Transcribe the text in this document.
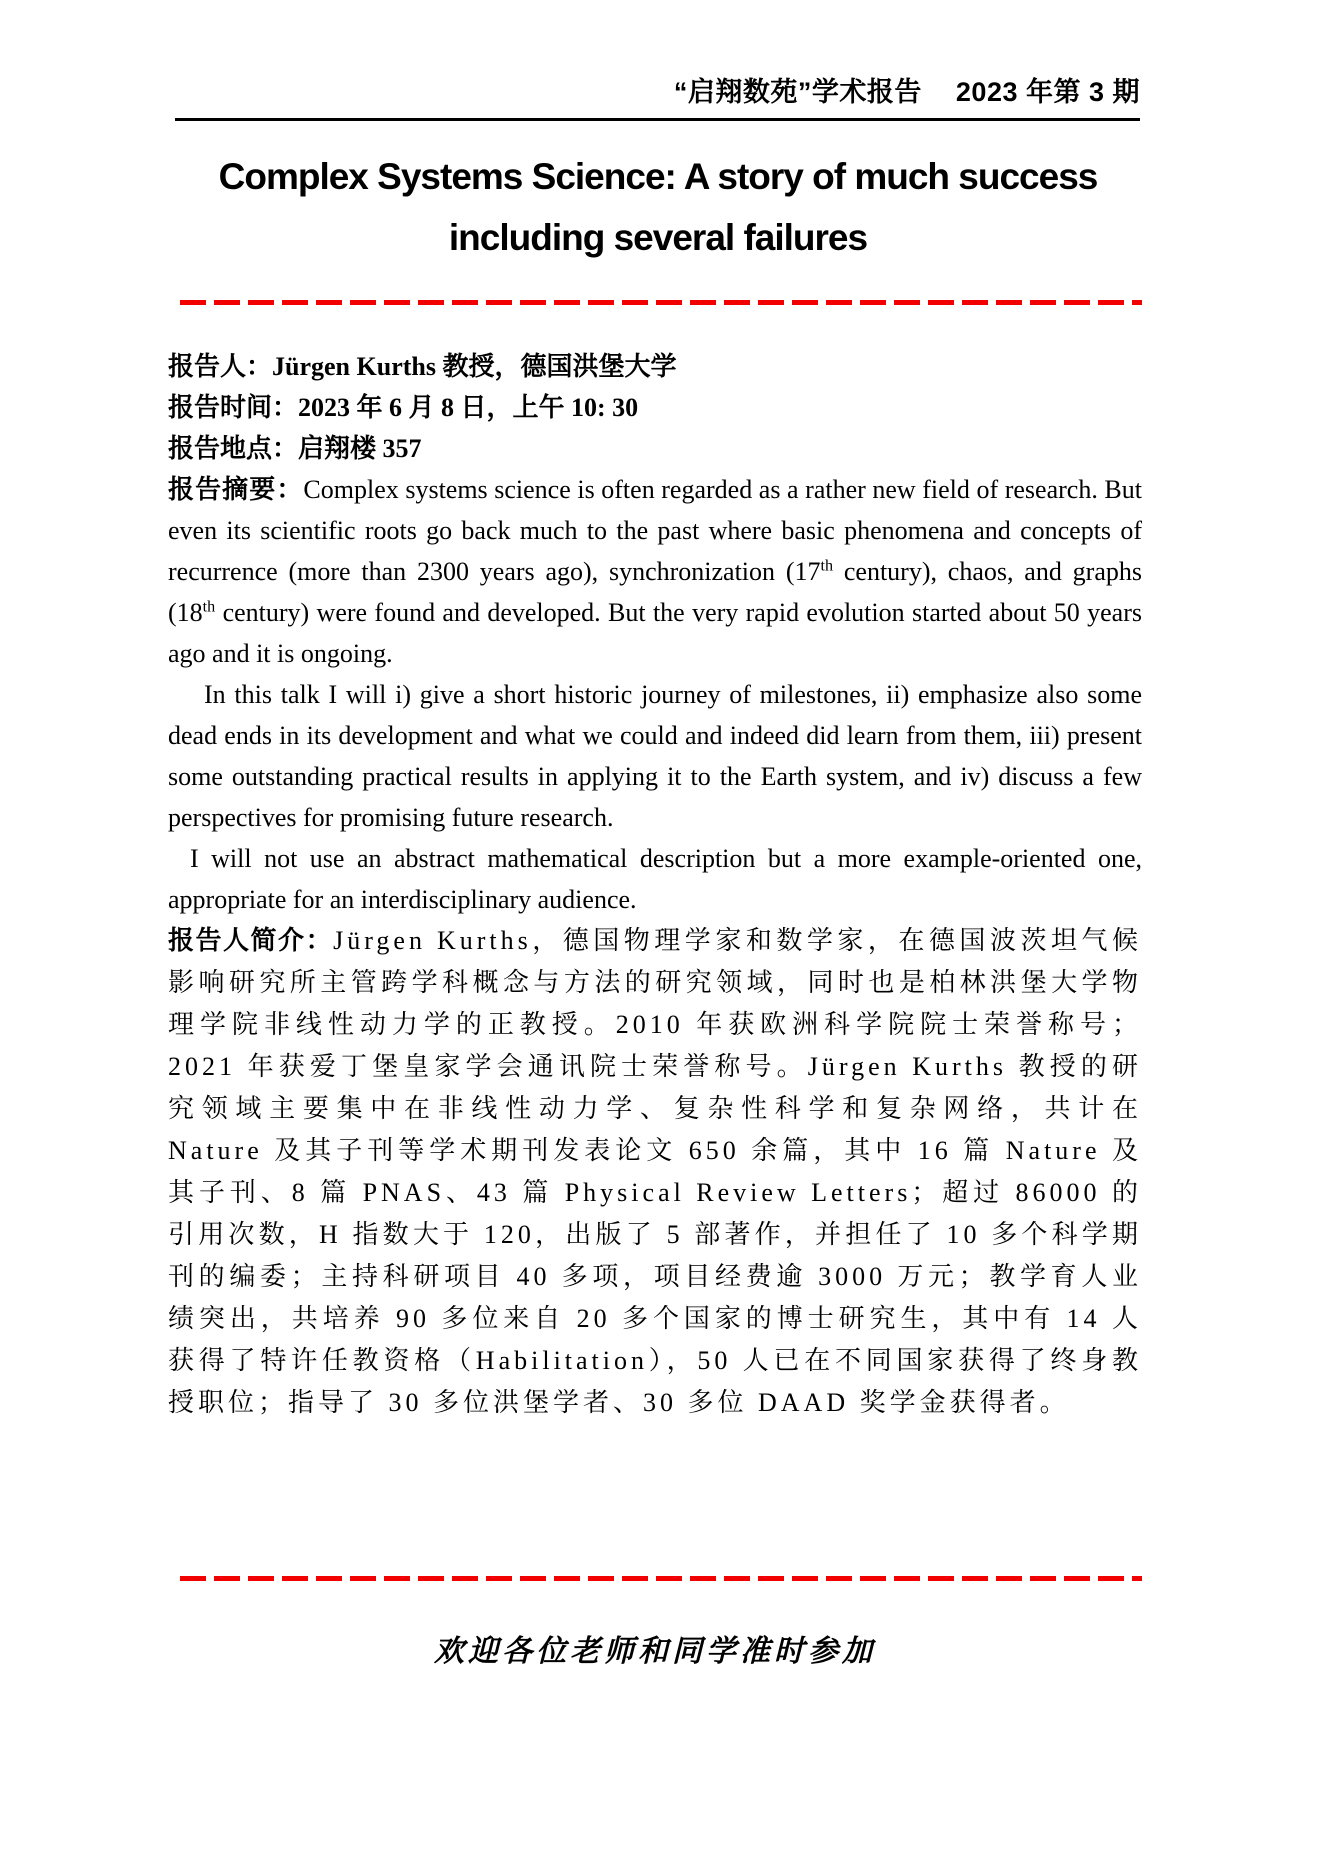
“启翔数苑”学术报告 2023 年第 3 期
Complex Systems Science: A story of much success
including several failures
报告人：Jürgen Kurths 教授，德国洪堡大学
报告时间：2023 年 6 月 8 日，上午 10: 30
报告地点：启翔楼 357

报告摘要：Complex systems science is often regarded as a rather new field of research. But even its scientific roots go back much to the past where basic phenomena and concepts of recurrence (more than 2300 years ago), synchronization (17th century), chaos, and graphs (18th century) were found and developed. But the very rapid evolution started about 50 years ago and it is ongoing.

In this talk I will i) give a short historic journey of milestones, ii) emphasize also some dead ends in its development and what we could and indeed did learn from them, iii) present some outstanding practical results in applying it to the Earth system, and iv) discuss a few perspectives for promising future research.

I will not use an abstract mathematical description but a more example-oriented one, appropriate for an interdisciplinary audience.

报告人简介：Jürgen Kurths，德国物理学家和数学家，在德国波茨坦气候影响研究所主管跨学科概念与方法的研究领域，同时也是柏林洪堡大学物理学院非线性动力学的正教授。2010 年获欧洲科学院院士荣誉称号；2021 年获爱丁堡皇家学会通讯院士荣誉称号。Jürgen Kurths 教授的研究领域主要集中在非线性动力学、复杂性科学和复杂网络，共计在 Nature 及其子刊等学术期刊发表论文 650 余篇，其中 16 篇 Nature 及其子刊、8 篇 PNAS、43 篇 Physical Review Letters；超过 86000 的引用次数，H 指数大于 120，出版了 5 部著作，并担任了 10 多个科学期刊的编委；主持科研项目 40 多项，项目经费逾 3000 万元；教学育人业绩突出，共培养 90 多位来自 20 多个国家的博士研究生，其中有 14 人获得了特许任教资格（Habilitation），50 人已在不同国家获得了终身教授职位；指导了 30 多位洪堡学者、30 多位 DAAD 奖学金获得者。

欢迎各位老师和同学准时参加
